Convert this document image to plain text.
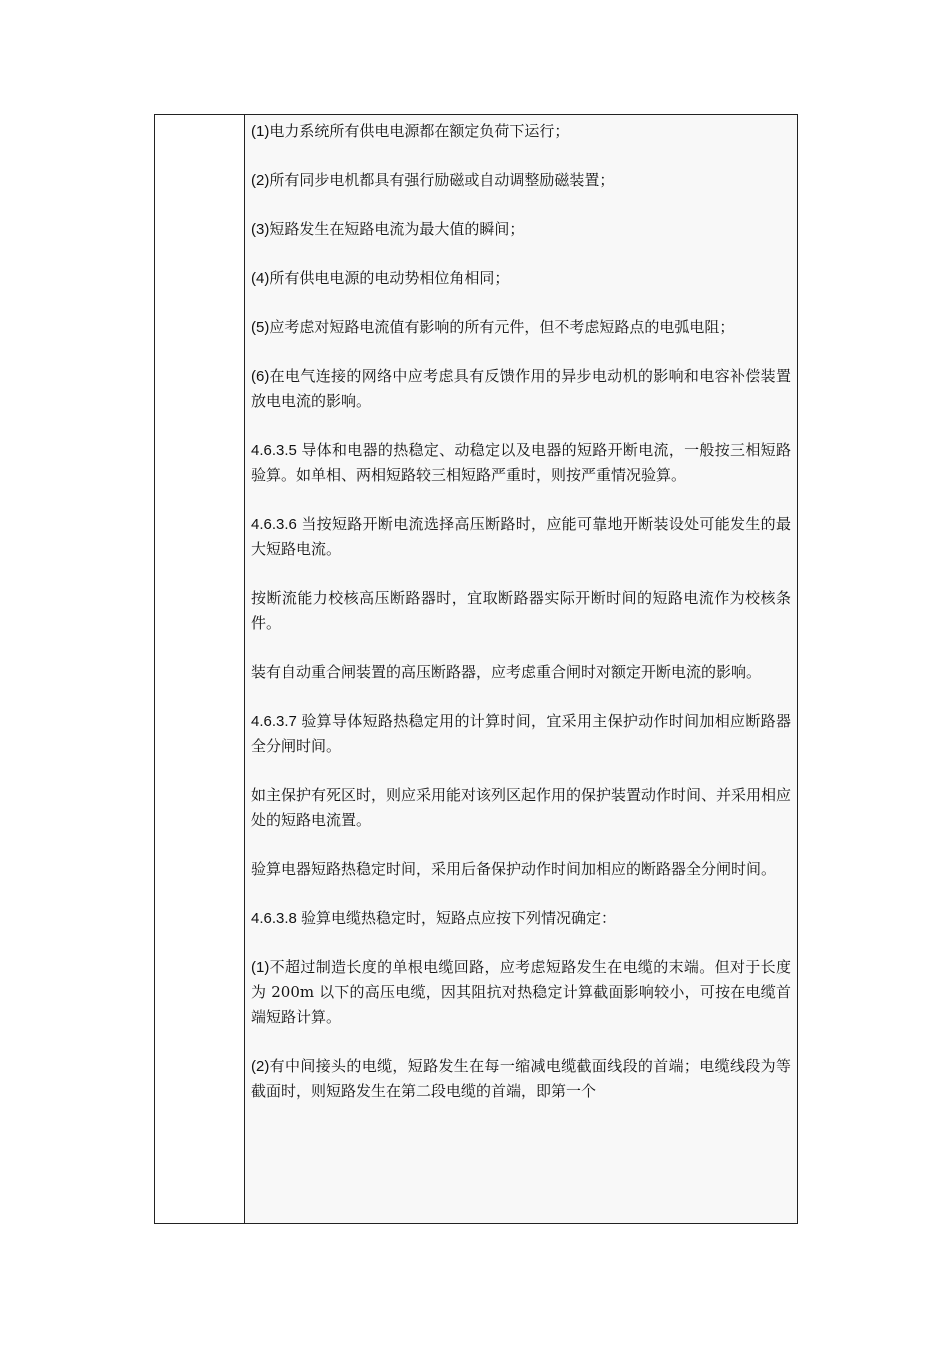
(1)电力系统所有供电电源都在额定负荷下运行；

(2)所有同步电机都具有强行励磁或自动调整励磁装置；

(3)短路发生在短路电流为最大值的瞬间；

(4)所有供电电源的电动势相位角相同；

(5)应考虑对短路电流值有影响的所有元件，但不考虑短路点的电弧电阻；

(6)在电气连接的网络中应考虑具有反馈作用的异步电动机的影响和电容补偿装置放电电流的影响。

4.6.3.5 导体和电器的热稳定、动稳定以及电器的短路开断电流，一般按三相短路验算。如单相、两相短路较三相短路严重时，则按严重情况验算。

4.6.3.6 当按短路开断电流选择高压断路时，应能可靠地开断装设处可能发生的最大短路电流。

按断流能力校核高压断路器时，宜取断路器实际开断时间的短路电流作为校核条件。

装有自动重合闸装置的高压断路器，应考虑重合闸时对额定开断电流的影响。

4.6.3.7 验算导体短路热稳定用的计算时间，宜采用主保护动作时间加相应断路器全分闸时间。

如主保护有死区时，则应采用能对该列区起作用的保护装置动作时间、并采用相应处的短路电流置。

验算电器短路热稳定时间，采用后备保护动作时间加相应的断路器全分闸时间。

4.6.3.8 验算电缆热稳定时，短路点应按下列情况确定：

(1)不超过制造长度的单根电缆回路，应考虑短路发生在电缆的末端。但对于长度为 200m 以下的高压电缆，因其阻抗对热稳定计算截面影响较小，可按在电缆首端短路计算。

(2)有中间接头的电缆，短路发生在每一缩减电缆截面线段的首端；电缆线段为等截面时，则短路发生在第二段电缆的首端，即第一个
